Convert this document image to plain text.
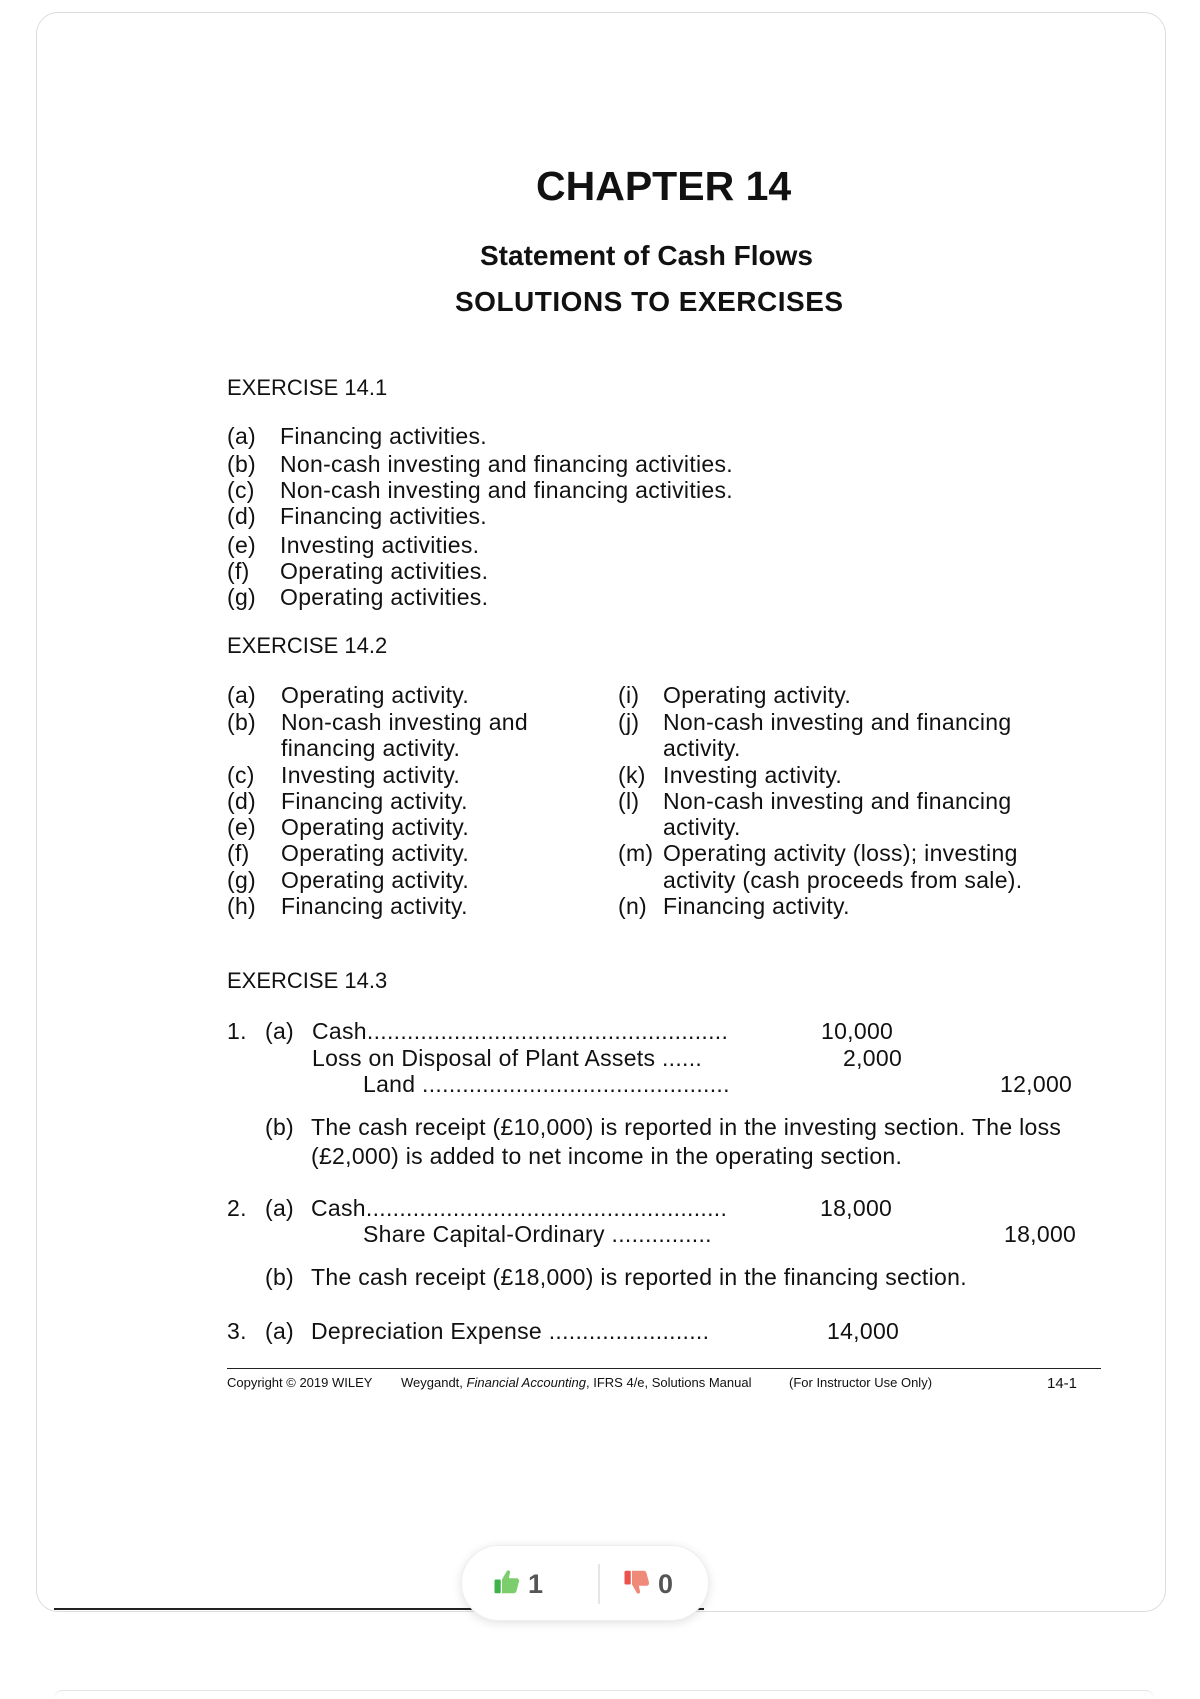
CHAPTER 14
Statement of Cash Flows
SOLUTIONS TO EXERCISES
EXERCISE 14.1
(a) Financing activities.
(b) Non-cash investing and financing activities.
(c) Non-cash investing and financing activities.
(d) Financing activities.
(e) Investing activities.
(f) Operating activities.
(g) Operating activities.
EXERCISE 14.2
(a) Operating activity.
(b) Non-cash investing and
financing activity.
(c) Investing activity.
(d) Financing activity.
(e) Operating activity.
(f) Operating activity.
(g) Operating activity.
(h) Financing activity.
(i) Operating activity.
(j) Non-cash investing and financing
activity.
(k) Investing activity.
(l) Non-cash investing and financing
activity.
(m) Operating activity (loss); investing
activity (cash proceeds from sale).
(n) Financing activity.
EXERCISE 14.3
1. (a) Cash......................................................	10,000
Loss on Disposal of Plant Assets ......	2,000
Land ..............................................	12,000
(b) The cash receipt (£10,000) is reported in the investing section. The loss
(£2,000) is added to net income in the operating section.
2. (a) Cash......................................................	18,000
Share Capital-Ordinary ...............	18,000
(b) The cash receipt (£18,000) is reported in the financing section.
3. (a) Depreciation Expense ........................	14,000
Copyright © 2019 WILEY Weygandt, Financial Accounting, IFRS 4/e, Solutions Manual	(For Instructor Use Only)	14-1
1	0
